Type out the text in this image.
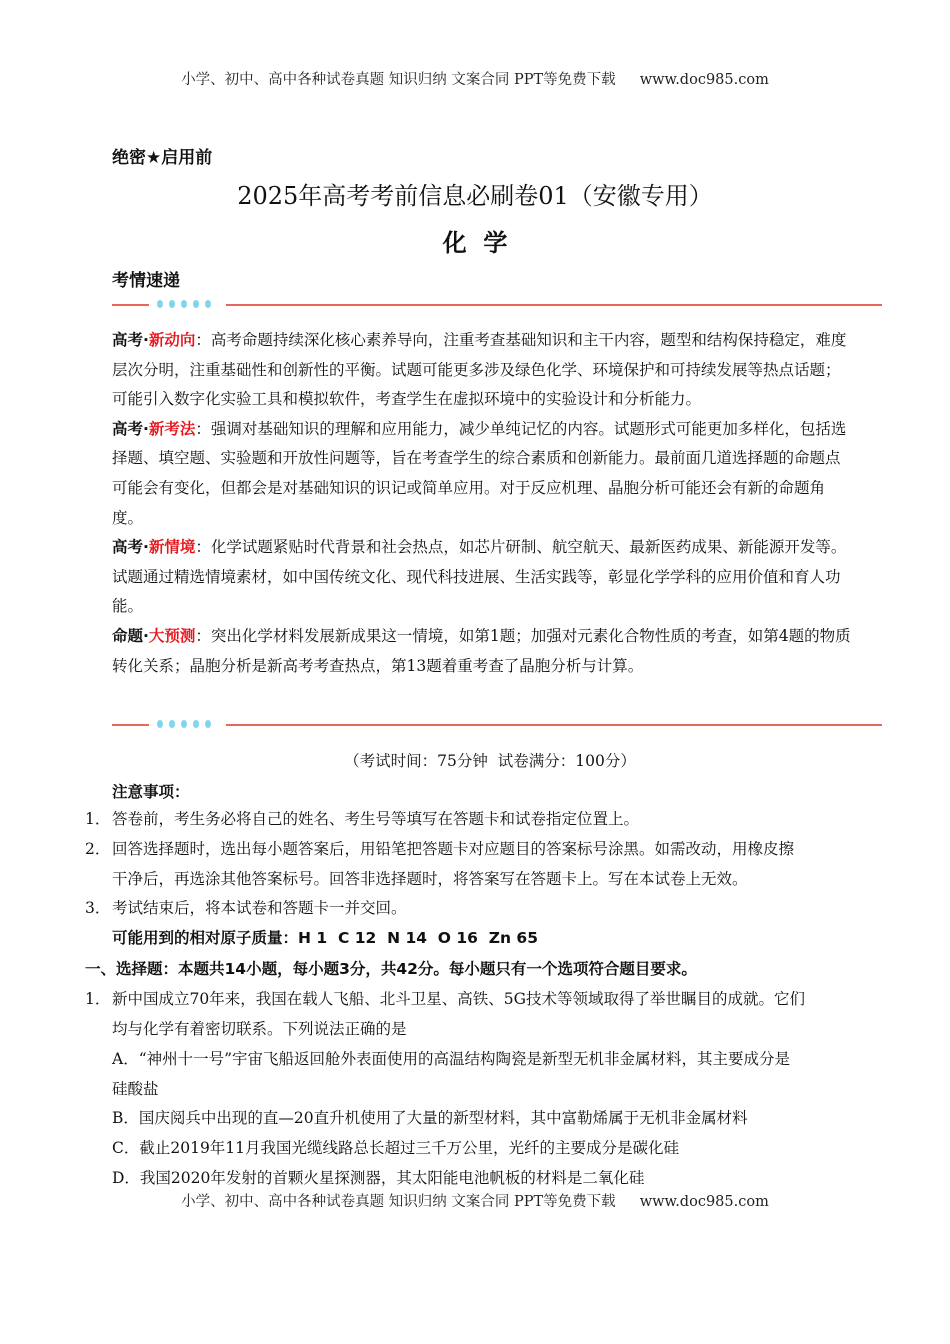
小学、初中、高中各种试卷真题 知识归纳 文案合同 PPT等免费下载 www.doc985.com
绝密★启用前
2025年高考考前信息必刷卷01（安徽专用）
化  学
考情速递
高考·新动向：高考命题持续深化核心素养导向，注重考查基础知识和主干内容，题型和结构保持稳定，难度层次分明，注重基础性和创新性的平衡。试题可能更多涉及绿色化学、环境保护和可持续发展等热点话题；可能引入数字化实验工具和模拟软件，考查学生在虚拟环境中的实验设计和分析能力。
高考·新考法：强调对基础知识的理解和应用能力，减少单纯记忆的内容。试题形式可能更加多样化，包括选择题、填空题、实验题和开放性问题等，旨在考查学生的综合素质和创新能力。最前面几道选择题的命题点可能会有变化，但都会是对基础知识的识记或简单应用。对于反应机理、晶胞分析可能还会有新的命题角度。
高考·新情境：化学试题紧贴时代背景和社会热点，如芯片研制、航空航天、最新医药成果、新能源开发等。试题通过精选情境素材，如中国传统文化、现代科技进展、生活实践等，彰显化学学科的应用价值和育人功能。
命题·大预测：突出化学材料发展新成果这一情境，如第1题；加强对元素化合物性质的考查，如第4题的物质转化关系；晶胞分析是新高考考查热点，第13题着重考查了晶胞分析与计算。
（考试时间：75分钟  试卷满分：100分）
注意事项：
1． 答卷前，考生务必将自己的姓名、考生号等填写在答题卡和试卷指定位置上。
2． 回答选择题时，选出每小题答案后，用铅笔把答题卡对应题目的答案标号涂黑。如需改动，用橡皮擦
干净后，再选涂其他答案标号。回答非选择题时，将答案写在答题卡上。写在本试卷上无效。
3． 考试结束后，将本试卷和答题卡一并交回。
可能用到的相对原子质量：H 1  C 12  N 14  O 16  Zn 65
一、选择题：本题共14小题，每小题3分，共42分。每小题只有一个选项符合题目要求。
1． 新中国成立70年来，我国在载人飞船、北斗卫星、高铁、5G技术等领域取得了举世瞩目的成就。它们
均与化学有着密切联系。下列说法正确的是
A．“神州十一号”宇宙飞船返回舱外表面使用的高温结构陶瓷是新型无机非金属材料，其主要成分是
硅酸盐
B．国庆阅兵中出现的直—20直升机使用了大量的新型材料，其中富勒烯属于无机非金属材料
C．截止2019年11月我国光缆线路总长超过三千万公里，光纤的主要成分是碳化硅
D．我国2020年发射的首颗火星探测器，其太阳能电池帆板的材料是二氧化硅
小学、初中、高中各种试卷真题 知识归纳 文案合同 PPT等免费下载 www.doc985.com
